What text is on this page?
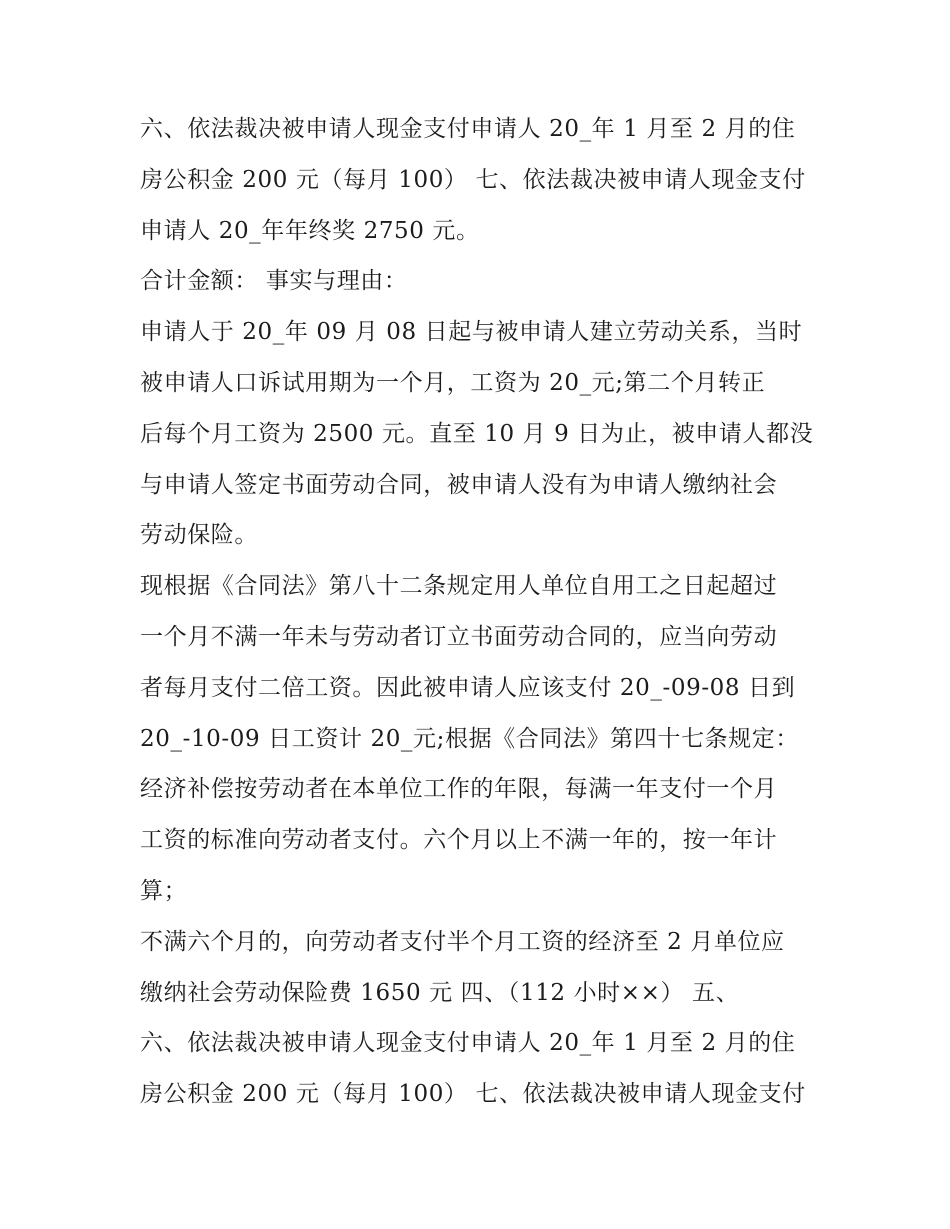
六、依法裁决被申请人现金支付申请人 20_年 1 月至 2 月的住
房公积金 200 元（每月 100） 七、依法裁决被申请人现金支付
申请人 20_年年终奖 2750 元。

合计金额： 事实与理由：

申请人于 20_年 09 月 08 日起与被申请人建立劳动关系，当时
被申请人口诉试用期为一个月，工资为 20_元;第二个月转正
后每个月工资为 2500 元。直至 10 月 9 日为止，被申请人都没
与申请人签定书面劳动合同，被申请人没有为申请人缴纳社会
劳动保险。

现根据《合同法》第八十二条规定用人单位自用工之日起超过
一个月不满一年未与劳动者订立书面劳动合同的，应当向劳动
者每月支付二倍工资。因此被申请人应该支付 20_-09-08 日到
20_-10-09 日工资计 20_元;根据《合同法》第四十七条规定：
经济补偿按劳动者在本单位工作的年限，每满一年支付一个月
工资的标准向劳动者支付。六个月以上不满一年的，按一年计
算；

不满六个月的，向劳动者支付半个月工资的经济至 2 月单位应
缴纳社会劳动保险费 1650 元 四、（112 小时××） 五、

六、依法裁决被申请人现金支付申请人 20_年 1 月至 2 月的住
房公积金 200 元（每月 100） 七、依法裁决被申请人现金支付
